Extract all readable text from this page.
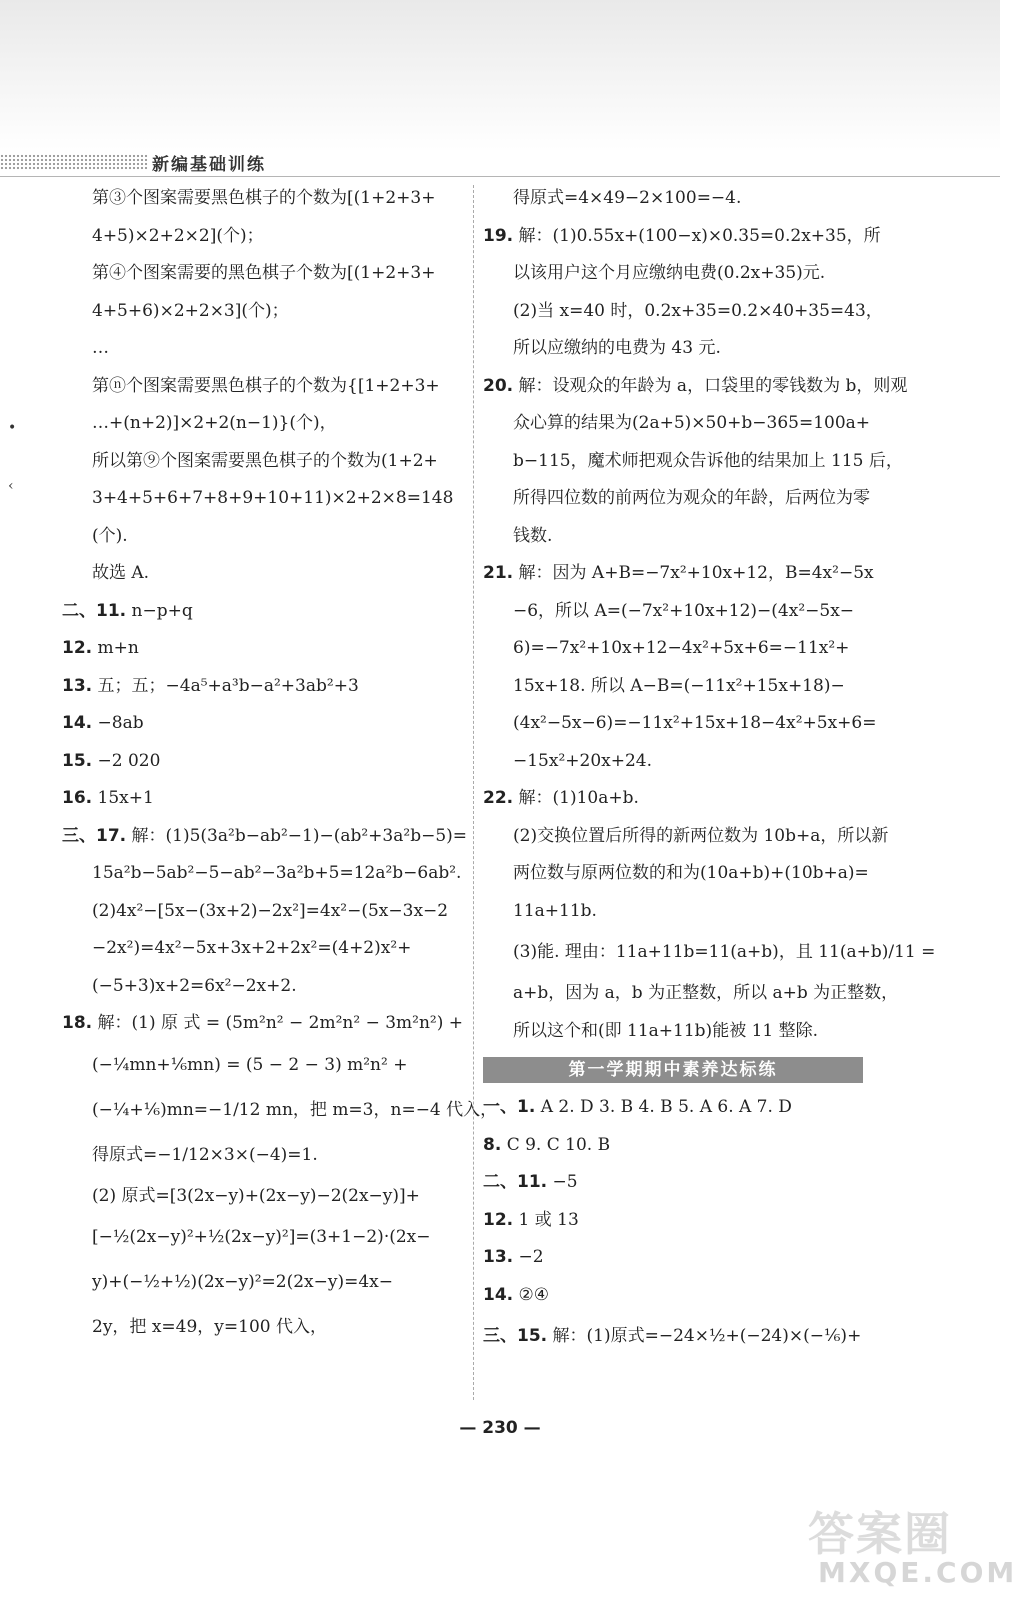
新编基础训练
•
‹
第③个图案需要黑色棋子的个数为[(1+2+3+
4+5)×2+2×2](个)；
第④个图案需要的黑色棋子个数为[(1+2+3+
4+5+6)×2+2×3](个)；
…
第ⓝ个图案需要黑色棋子的个数为{[1+2+3+
…+(n+2)]×2+2(n−1)}(个)，
所以第⑨个图案需要黑色棋子的个数为(1+2+
3+4+5+6+7+8+9+10+11)×2+2×8=148
(个).
故选 A.
二、11. n−p+q
12. m+n
13. 五；五；−4a⁵+a³b−a²+3ab²+3
14. −8ab
15. −2 020
16. 15x+1
三、17. 解：(1)5(3a²b−ab²−1)−(ab²+3a²b−5)=
15a²b−5ab²−5−ab²−3a²b+5=12a²b−6ab².
(2)4x²−[5x−(3x+2)−2x²]=4x²−(5x−3x−2
−2x²)=4x²−5x+3x+2+2x²=(4+2)x²+
(−5+3)x+2=6x²−2x+2.
18. 解：(1) 原 式 = (5m²n² − 2m²n² − 3m²n²) +
(−¼mn+⅙mn) = (5 − 2 − 3) m²n² +
(−¼+⅙)mn=−1/12 mn，把 m=3，n=−4 代入，
得原式=−1/12×3×(−4)=1.
(2) 原式=[3(2x−y)+(2x−y)−2(2x−y)]+
[−½(2x−y)²+½(2x−y)²]=(3+1−2)·(2x−
y)+(−½+½)(2x−y)²=2(2x−y)=4x−
2y，把 x=49，y=100 代入，
得原式=4×49−2×100=−4.
19. 解：(1)0.55x+(100−x)×0.35=0.2x+35，所
以该用户这个月应缴纳电费(0.2x+35)元.
(2)当 x=40 时，0.2x+35=0.2×40+35=43，
所以应缴纳的电费为 43 元.
20. 解：设观众的年龄为 a，口袋里的零钱数为 b，则观
众心算的结果为(2a+5)×50+b−365=100a+
b−115，魔术师把观众告诉他的结果加上 115 后，
所得四位数的前两位为观众的年龄，后两位为零
钱数.
21. 解：因为 A+B=−7x²+10x+12，B=4x²−5x
−6，所以 A=(−7x²+10x+12)−(4x²−5x−
6)=−7x²+10x+12−4x²+5x+6=−11x²+
15x+18. 所以 A−B=(−11x²+15x+18)−
(4x²−5x−6)=−11x²+15x+18−4x²+5x+6=
−15x²+20x+24.
22. 解：(1)10a+b.
(2)交换位置后所得的新两位数为 10b+a，所以新
两位数与原两位数的和为(10a+b)+(10b+a)=
11a+11b.
(3)能. 理由：11a+11b=11(a+b)，且 11(a+b)/11 =
a+b，因为 a，b 为正整数，所以 a+b 为正整数，
所以这个和(即 11a+11b)能被 11 整除.
第一学期期中素养达标练
一、1. A 2. D 3. B 4. B 5. A 6. A 7. D
8. C 9. C 10. B
二、11. −5
12. 1 或 13
13. −2
14. ②④
三、15. 解：(1)原式=−24×½+(−24)×(−⅙)+
— 230 —
答案圈
MXQE.COM
